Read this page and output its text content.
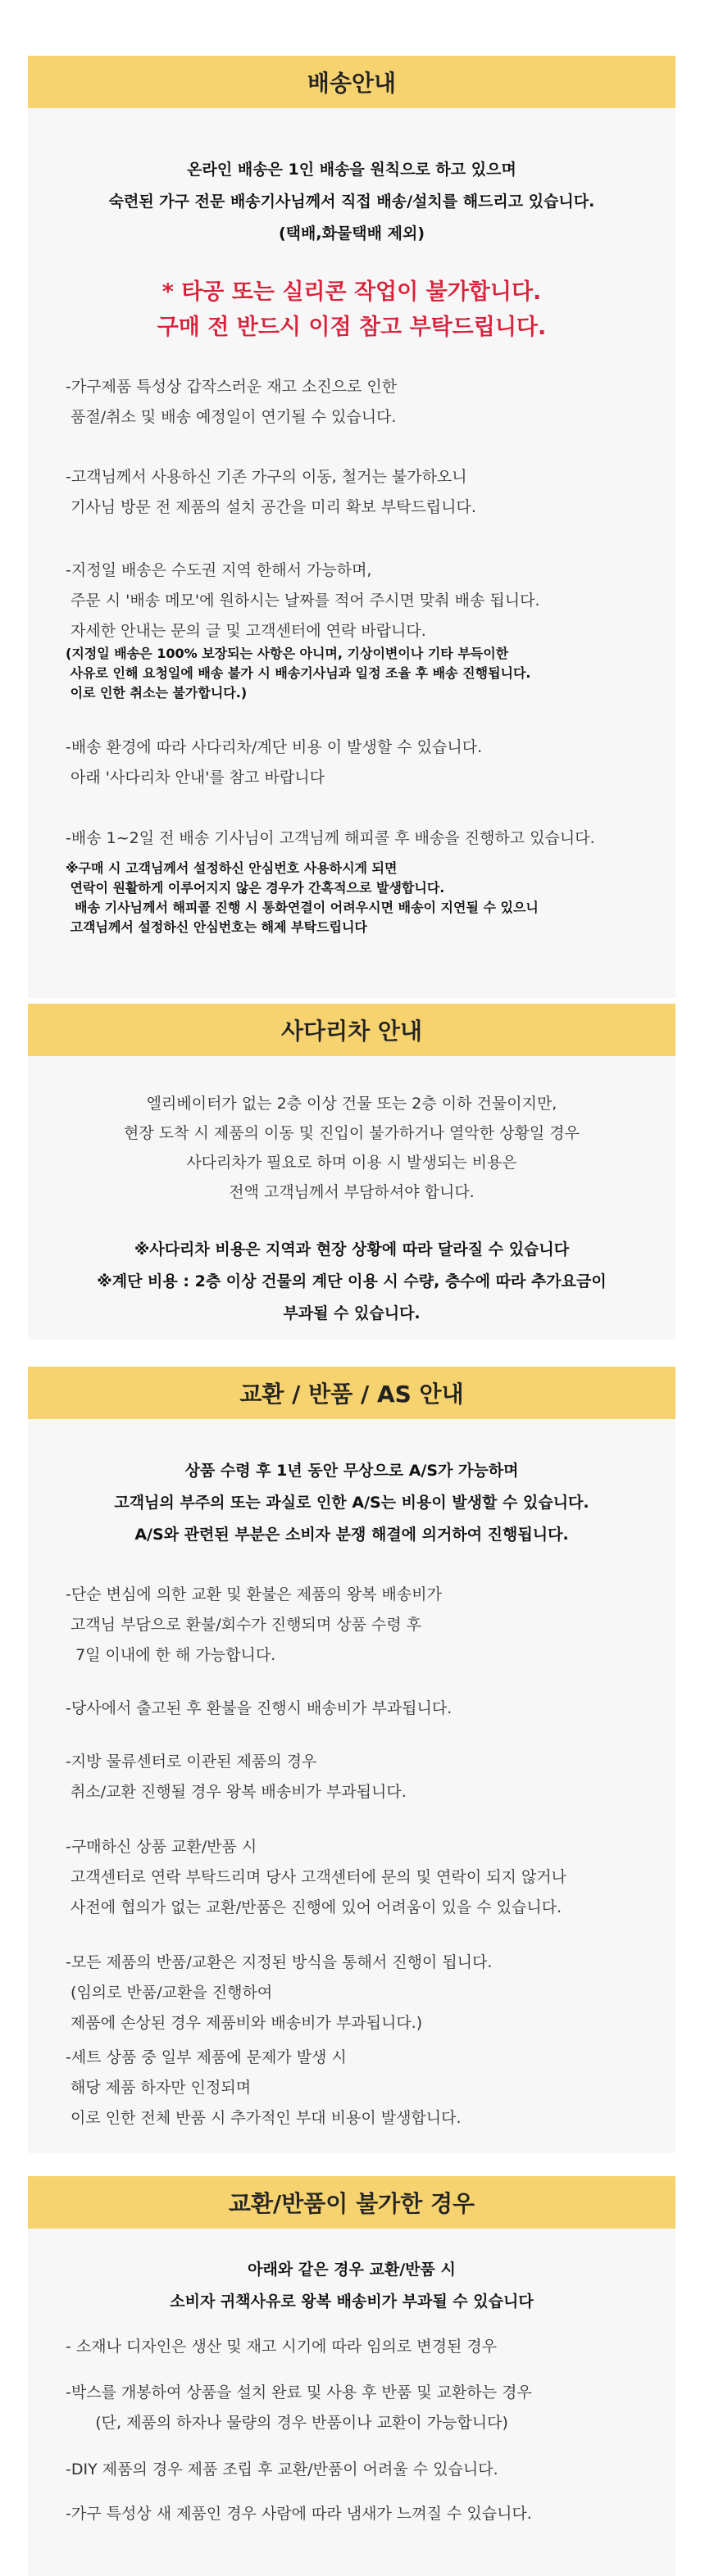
배송안내
온라인 배송은 1인 배송을 원칙으로 하고 있으며
숙련된 가구 전문 배송기사님께서 직접 배송/설치를 해드리고 있습니다.
(택배,화물택배 제외)
* 타공 또는 실리콘 작업이 불가합니다.
구매 전 반드시 이점 참고 부탁드립니다.
-가구제품 특성상 갑작스러운 재고 소진으로 인한
품절/취소 및 배송 예정일이 연기될 수 있습니다.
-고객님께서 사용하신 기존 가구의 이동, 철거는 불가하오니
기사님 방문 전 제품의 설치 공간을 미리 확보 부탁드립니다.
-지정일 배송은 수도권 지역 한해서 가능하며,
주문 시 '배송 메모'에 원하시는 날짜를 적어 주시면 맞춰 배송 됩니다.
자세한 안내는 문의 글 및 고객센터에 연락 바랍니다.
(지정일 배송은 100% 보장되는 사항은 아니며, 기상이변이나 기타 부득이한
사유로 인해 요청일에 배송 불가 시 배송기사님과 일정 조율 후 배송 진행됩니다.
이로 인한 취소는 불가합니다.)
-배송 환경에 따라 사다리차/계단 비용 이 발생할 수 있습니다.
아래 '사다리차 안내'를 참고 바랍니다
-배송 1~2일 전 배송 기사님이 고객님께 해피콜 후 배송을 진행하고 있습니다.
※구매 시 고객님께서 설정하신 안심번호 사용하시게 되면
연락이 원활하게 이루어지지 않은 경우가 간혹적으로 발생합니다.
배송 기사님께서 해피콜 진행 시 통화연결이 어려우시면 배송이 지연될 수 있으니
고객님께서 설정하신 안심번호는 해제 부탁드립니다
사다리차 안내
엘리베이터가 없는 2층 이상 건물 또는 2층 이하 건물이지만,
현장 도착 시 제품의 이동 및 진입이 불가하거나 열악한 상황일 경우
사다리차가 필요로 하며 이용 시 발생되는 비용은
전액 고객님께서 부담하셔야 합니다.
※사다리차 비용은 지역과 현장 상황에 따라 달라질 수 있습니다
※계단 비용 : 2층 이상 건물의 계단 이용 시 수량, 층수에 따라 추가요금이
부과될 수 있습니다.
교환 / 반품 / AS 안내
상품 수령 후 1년 동안 무상으로 A/S가 가능하며
고객님의 부주의 또는 과실로 인한 A/S는 비용이 발생할 수 있습니다.
A/S와 관련된 부분은 소비자 분쟁 해결에 의거하여 진행됩니다.
-단순 변심에 의한 교환 및 환불은 제품의 왕복 배송비가
고객님 부담으로 환불/회수가 진행되며 상품 수령 후
7일 이내에 한 해 가능합니다.
-당사에서 출고된 후 환불을 진행시 배송비가 부과됩니다.
-지방 물류센터로 이관된 제품의 경우
취소/교환 진행될 경우 왕복 배송비가 부과됩니다.
-구매하신 상품 교환/반품 시
고객센터로 연락 부탁드리며 당사 고객센터에 문의 및 연락이 되지 않거나
사전에 협의가 없는 교환/반품은 진행에 있어 어려움이 있을 수 있습니다.
-모든 제품의 반품/교환은 지정된 방식을 통해서 진행이 됩니다.
(임의로 반품/교환을 진행하여
제품에 손상된 경우 제품비와 배송비가 부과됩니다.)
-세트 상품 중 일부 제품에 문제가 발생 시
해당 제품 하자만 인정되며
이로 인한 전체 반품 시 추가적인 부대 비용이 발생합니다.
교환/반품이 불가한 경우
아래와 같은 경우 교환/반품 시
소비자 귀책사유로 왕복 배송비가 부과될 수 있습니다
- 소재나 디자인은 생산 및 재고 시기에 따라 임의로 변경된 경우
-박스를 개봉하여 상품을 설치 완료 및 사용 후 반품 및 교환하는 경우
(단, 제품의 하자나 물량의 경우 반품이나 교환이 가능합니다)
-DIY 제품의 경우 제품 조립 후 교환/반품이 어려울 수 있습니다.
-가구 특성상 새 제품인 경우 사람에 따라 냄새가 느껴질 수 있습니다.
